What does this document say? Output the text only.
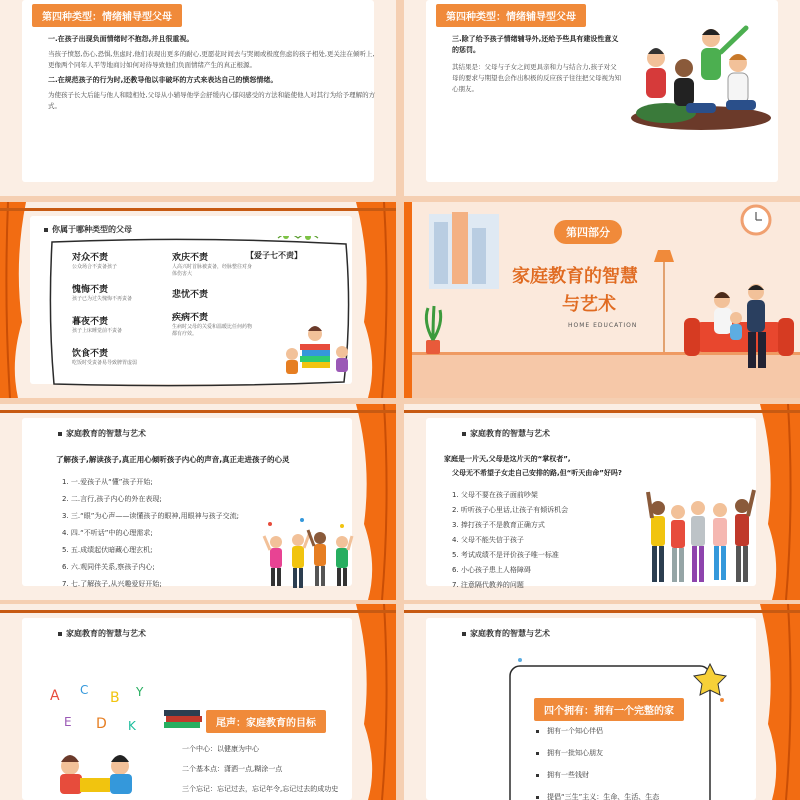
第四种类型：情绪辅导型父母
一.在孩子出现负面情绪时不抱怨,并且很重视。
当孩子愤怒,伤心,恐惧,焦虑时,他们表现出更多的耐心,更愿花时间去与哭闹或极度焦虑的孩子相处,更关注在倾听上,更像两个同年人平等地商讨如何对待导致他们负面情绪产生的真正根源。
二.在规范孩子的行为时,还教导他以非破坏的方式来表达自己的愤怒情绪。
为使孩子长大后能与他人和睦相处,父母从小辅导他学会舒缓内心郁闷感受的方法和能使他人对其行为给予理解的方式。
第四种类型：情绪辅导型父母
三.除了给予孩子情绪辅导外,还给予些具有建设性意义的惩罚。
其结果是：父母与子女之间更具亲和力与结合力,孩子对父母的要求与期望也会作出积极的反应孩子往往把父母视为知心朋友。
你属于哪种类型的父母
【爱子七不责】
对众不责
公众场合不责备孩子
愧悔不责
孩子已为过失愧悔不再责备
暮夜不责
孩子上床睡觉前不责备
饮食不责
吃饭时受责备易导致脾胃虚弱
欢庆不责
人高兴时首脉被责备，经脉整往对身体伤害大
悲忧不责
疾病不责
生病时父母的关爱和温暖比任何药物都有疗效。
第四部分
家庭教育的智慧
与艺术
HOME EDUCATION
家庭教育的智慧与艺术
了解孩子,解读孩子,真正用心倾听孩子内心的声音,真正走进孩子的心灵
1. 一.爱孩子从“懂”孩子开始;
2. 二.言行,孩子内心的外在表现;
3. 三.“眼”为心声——读懂孩子的眼神,用眼神与孩子交流;
4. 四.“不听话”中的心理需求;
5. 五.成绩起伏暗藏心理玄机;
6. 六.观同伴关系,察孩子内心;
7. 七.了解孩子,从兴趣爱好开始;
家庭教育的智慧与艺术
家庭是一片天,父母是这片天的“掌权者”,
父母无不希望子女走自己安排的路,但“听天由命”好吗?
1. 父母不要在孩子面前吵架
2. 听听孩子心里话,让孩子有倾诉机会
3. 捧打孩子不是教育正确方式
4. 父母不能失信于孩子
5. 考试成绩不是评价孩子唯一标准
6. 小心孩子患上人格障碍
7. 注意隔代教养的问题
家庭教育的智慧与艺术
A C B Y
E D K	尾声：家庭教育的目标
一个中心：以健康为中心
二个基本点：潇洒一点,糊涂一点
三个忘记：忘记过去，忘记年令,忘记过去的成功史
家庭教育的智慧与艺术
四个拥有：拥有一个完整的家
拥有一个知心伴侣
拥有一批知心朋友
拥有一些钱财
提倡“三生”主义：生命、生活、生态
